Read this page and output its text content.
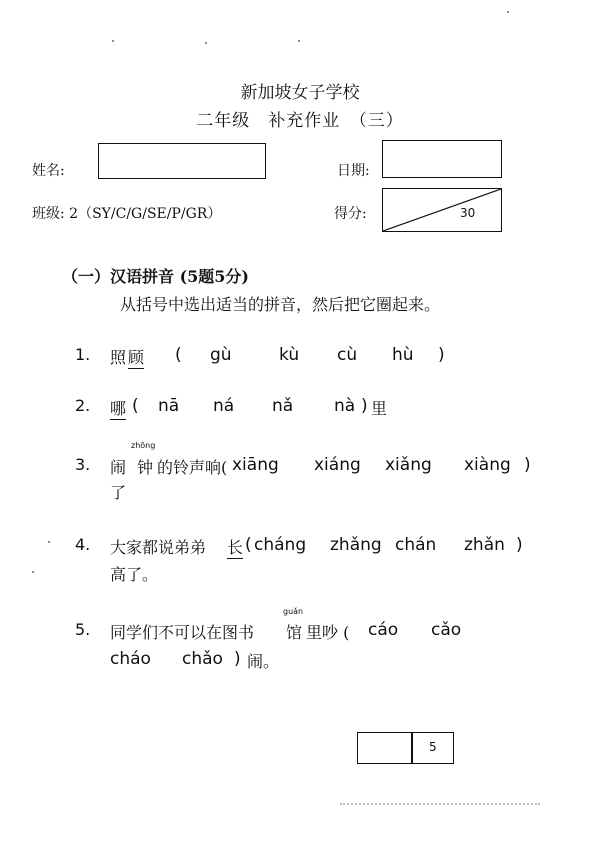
新加坡女子学校
二年级　补充作业　（三）
姓名:	日期:
班级: 2（SY/C/G/SE/P/GR）	得分:	30
（一）汉语拼音 (5题5分)
从括号中选出适当的拼音，然后把它圈起来。
1. 照 顾 ( gù	kù cù hù )
2. 哪 ( nā ná nǎ nà ) 里
3. 闹
zhōng
钟 的铃声响( xiāng xiáng xiǎng xiàng )
了
4. 大家都说弟弟 长 ( cháng zhǎng chán zhǎn )
高了。
5. 同学们不可以在图书
guǎn
馆 里吵 ( cáo cǎo
cháo chǎo ) 闹。
5
